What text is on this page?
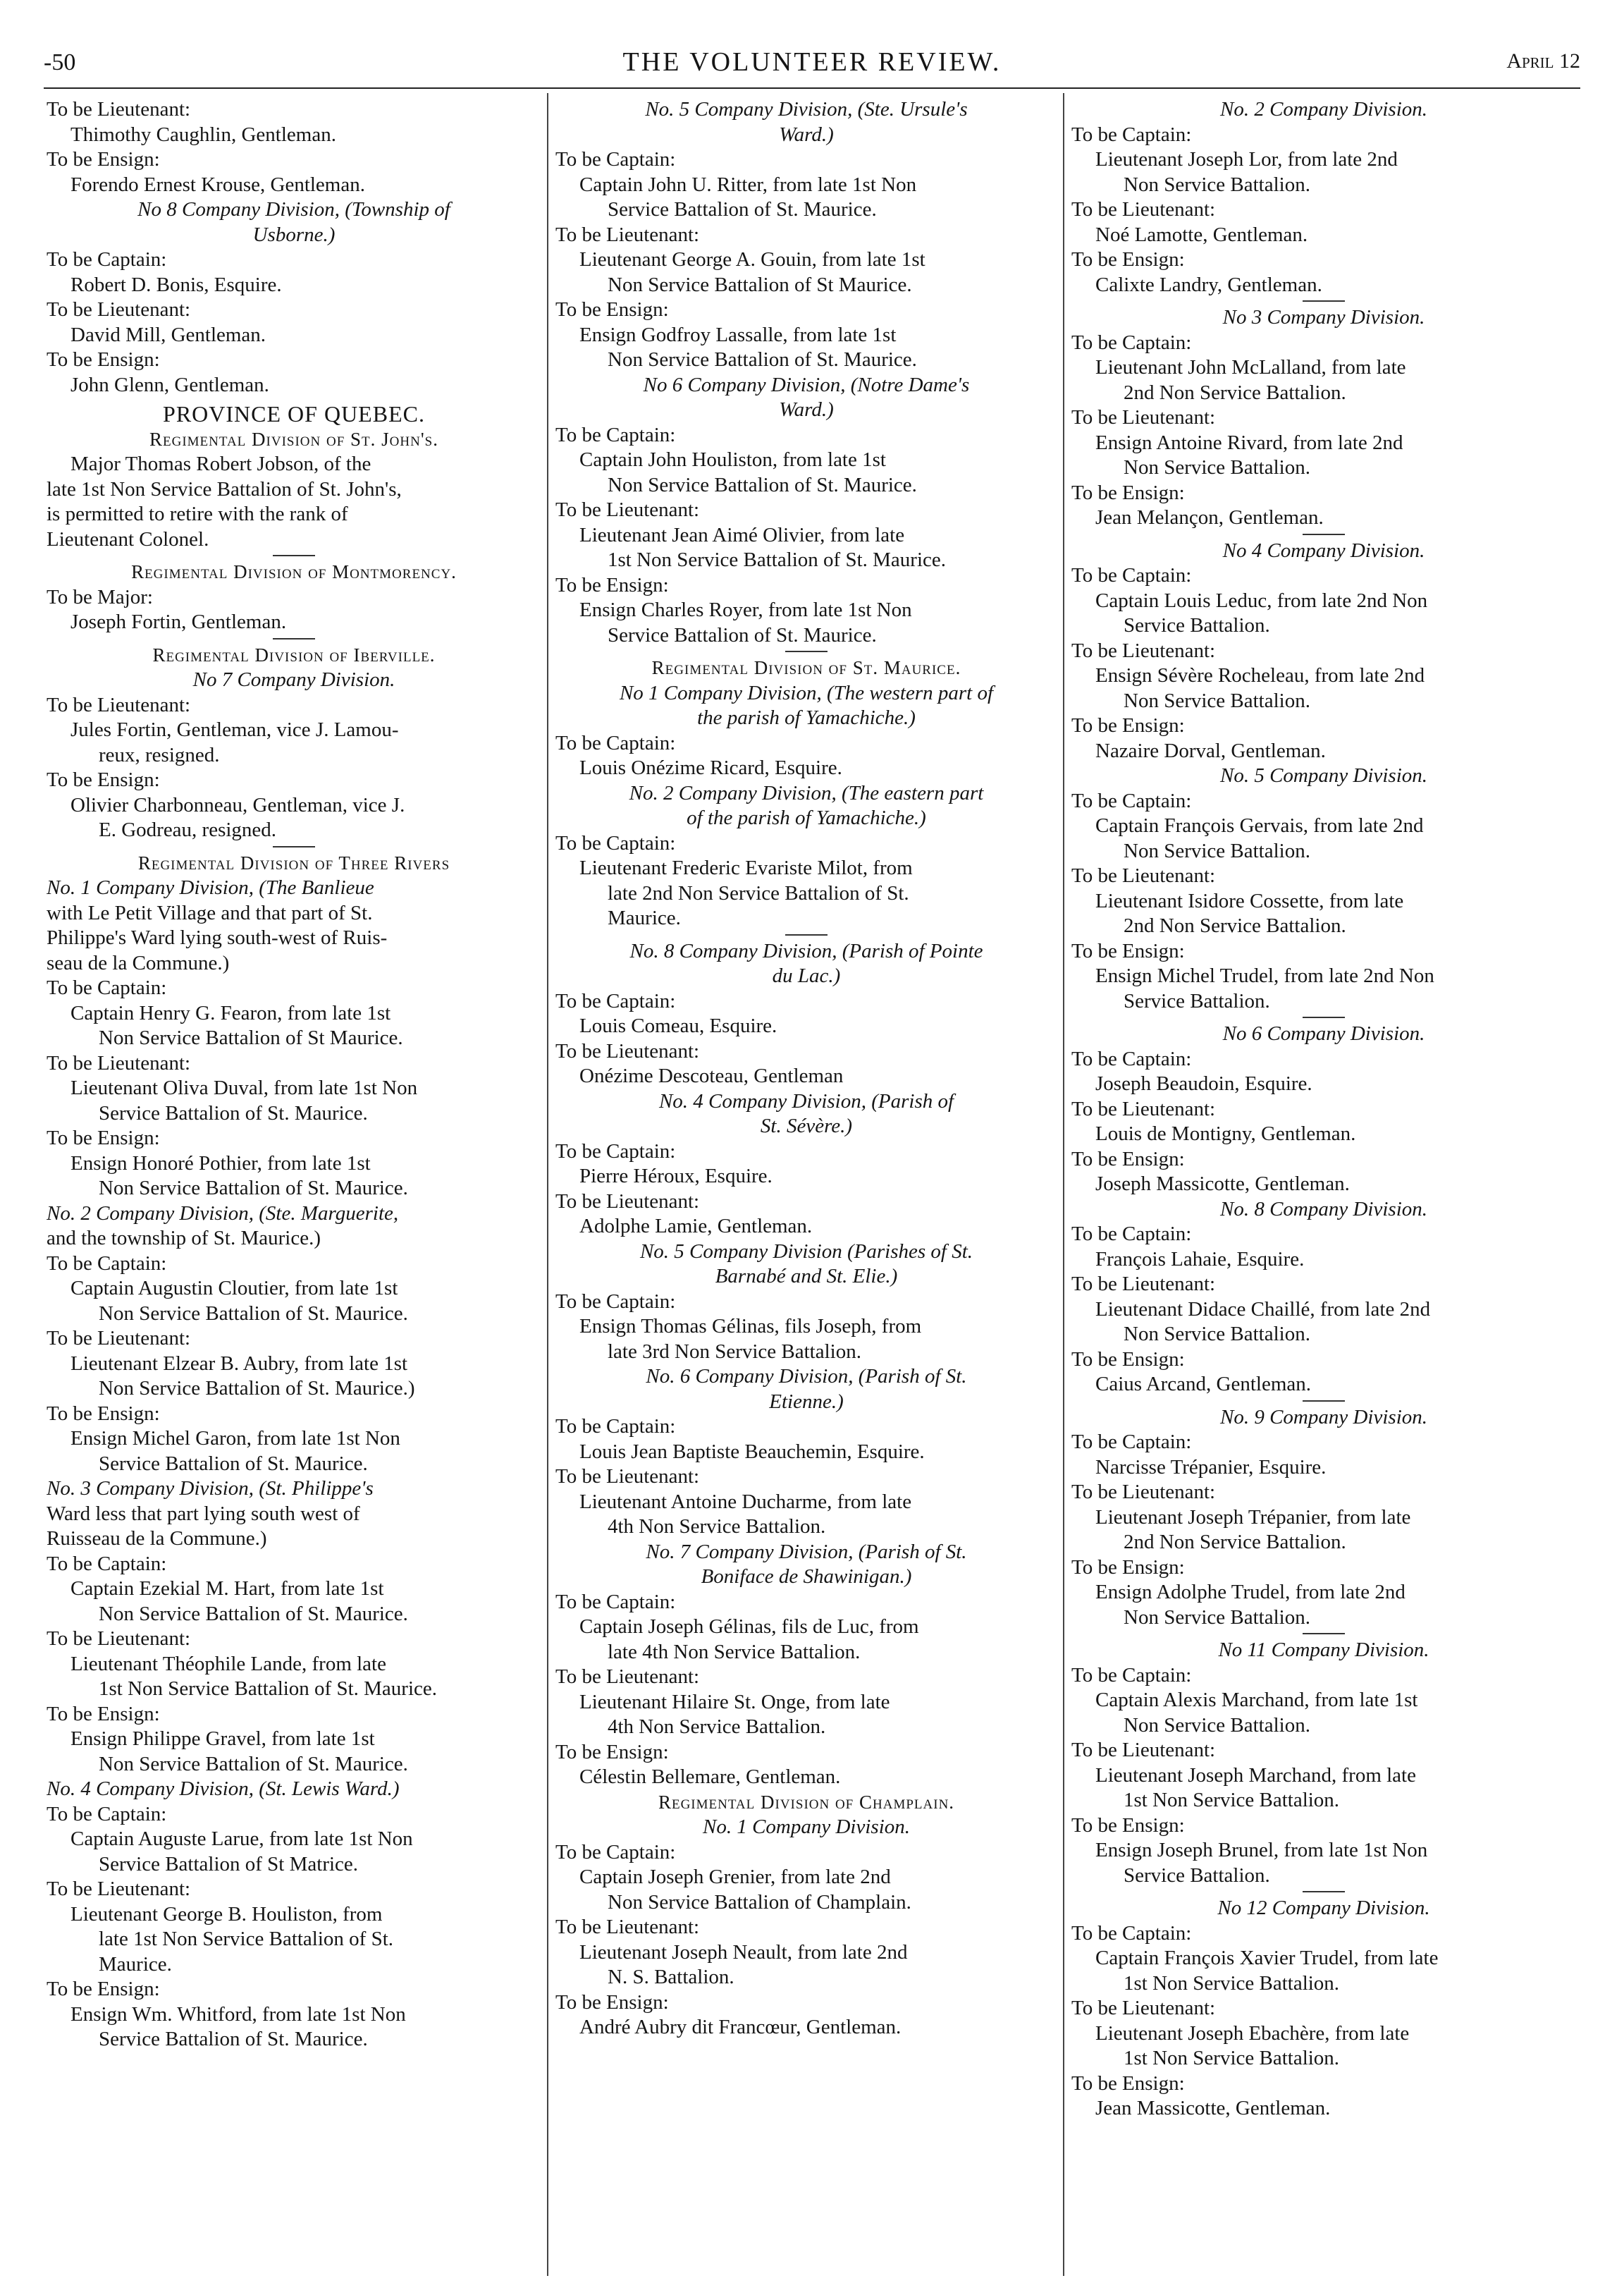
-50	THE VOLUNTEER REVIEW.	April 12
To be Lieutenant:
Thimothy Caughlin, Gentleman.
To be Ensign:
Forendo Ernest Krouse, Gentleman.
No 8 Company Division, (Township of
Usborne.)
To be Captain:
Robert D. Bonis, Esquire.
To be Lieutenant:
David Mill, Gentleman.
To be Ensign:
John Glenn, Gentleman.
PROVINCE OF QUEBEC.
Regimental Division of St. John's.
Major Thomas Robert Jobson, of the
late 1st Non Service Battalion of St. John's,
is permitted to retire with the rank of
Lieutenant Colonel.
Regimental Division of Montmorency.
To be Major:
Joseph Fortin, Gentleman.
Regimental Division of Iberville.
No 7 Company Division.
To be Lieutenant:
Jules Fortin, Gentleman, vice J. Lamou-
reux, resigned.
To be Ensign:
Olivier Charbonneau, Gentleman, vice J.
E. Godreau, resigned.
Regimental Division of Three Rivers
No. 1 Company Division, (The Banlieue
with Le Petit Village and that part of St.
Philippe's Ward lying south-west of Ruis-
seau de la Commune.)
To be Captain:
Captain Henry G. Fearon, from late 1st
Non Service Battalion of St Maurice.
To be Lieutenant:
Lieutenant Oliva Duval, from late 1st Non
Service Battalion of St. Maurice.
To be Ensign:
Ensign Honoré Pothier, from late 1st
Non Service Battalion of St. Maurice.
No. 2 Company Division, (Ste. Marguerite,
and the township of St. Maurice.)
To be Captain:
Captain Augustin Cloutier, from late 1st
Non Service Battalion of St. Maurice.
To be Lieutenant:
Lieutenant Elzear B. Aubry, from late 1st
Non Service Battalion of St. Maurice.)
To be Ensign:
Ensign Michel Garon, from late 1st Non
Service Battalion of St. Maurice.
No. 3 Company Division, (St. Philippe's
Ward less that part lying south west of
Ruisseau de la Commune.)
To be Captain:
Captain Ezekial M. Hart, from late 1st
Non Service Battalion of St. Maurice.
To be Lieutenant:
Lieutenant Théophile Lande, from late
1st Non Service Battalion of St. Maurice.
To be Ensign:
Ensign Philippe Gravel, from late 1st
Non Service Battalion of St. Maurice.
No. 4 Company Division, (St. Lewis Ward.)
To be Captain:
Captain Auguste Larue, from late 1st Non
Service Battalion of St Matrice.
To be Lieutenant:
Lieutenant George B. Houliston, from
late 1st Non Service Battalion of St.
Maurice.
To be Ensign:
Ensign Wm. Whitford, from late 1st Non
Service Battalion of St. Maurice.
No. 5 Company Division, (Ste. Ursule's
Ward.)
To be Captain:
Captain John U. Ritter, from late 1st Non
Service Battalion of St. Maurice.
To be Lieutenant:
Lieutenant George A. Gouin, from late 1st
Non Service Battalion of St Maurice.
To be Ensign:
Ensign Godfroy Lassalle, from late 1st
Non Service Battalion of St. Maurice.
No 6 Company Division, (Notre Dame's
Ward.)
To be Captain:
Captain John Houliston, from late 1st
Non Service Battalion of St. Maurice.
To be Lieutenant:
Lieutenant Jean Aimé Olivier, from late
1st Non Service Battalion of St. Maurice.
To be Ensign:
Ensign Charles Royer, from late 1st Non
Service Battalion of St. Maurice.
Regimental Division of St. Maurice.
No 1 Company Division, (The western part of
the parish of Yamachiche.)
To be Captain:
Louis Onézime Ricard, Esquire.
No. 2 Company Division, (The eastern part
of the parish of Yamachiche.)
To be Captain:
Lieutenant Frederic Evariste Milot, from
late 2nd Non Service Battalion of St.
Maurice.
No. 8 Company Division, (Parish of Pointe
du Lac.)
To be Captain:
Louis Comeau, Esquire.
To be Lieutenant:
Onézime Descoteau, Gentleman
No. 4 Company Division, (Parish of
St. Sévère.)
To be Captain:
Pierre Héroux, Esquire.
To be Lieutenant:
Adolphe Lamie, Gentleman.
No. 5 Company Division (Parishes of St.
Barnabé and St. Elie.)
To be Captain:
Ensign Thomas Gélinas, fils Joseph, from
late 3rd Non Service Battalion.
No. 6 Company Division, (Parish of St.
Etienne.)
To be Captain:
Louis Jean Baptiste Beauchemin, Esquire.
To be Lieutenant:
Lieutenant Antoine Ducharme, from late
4th Non Service Battalion.
No. 7 Company Division, (Parish of St.
Boniface de Shawinigan.)
To be Captain:
Captain Joseph Gélinas, fils de Luc, from
late 4th Non Service Battalion.
To be Lieutenant:
Lieutenant Hilaire St. Onge, from late
4th Non Service Battalion.
To be Ensign:
Célestin Bellemare, Gentleman.
Regimental Division of Champlain.
No. 1 Company Division.
To be Captain:
Captain Joseph Grenier, from late 2nd
Non Service Battalion of Champlain.
To be Lieutenant:
Lieutenant Joseph Neault, from late 2nd
N. S. Battalion.
To be Ensign:
André Aubry dit Francœur, Gentleman.
No. 2 Company Division.
To be Captain:
Lieutenant Joseph Lor, from late 2nd
Non Service Battalion.
To be Lieutenant:
Noé Lamotte, Gentleman.
To be Ensign:
Calixte Landry, Gentleman.
No 3 Company Division.
To be Captain:
Lieutenant John McLalland, from late
2nd Non Service Battalion.
To be Lieutenant:
Ensign Antoine Rivard, from late 2nd
Non Service Battalion.
To be Ensign:
Jean Melançon, Gentleman.
No 4 Company Division.
To be Captain:
Captain Louis Leduc, from late 2nd Non
Service Battalion.
To be Lieutenant:
Ensign Sévère Rocheleau, from late 2nd
Non Service Battalion.
To be Ensign:
Nazaire Dorval, Gentleman.
No. 5 Company Division.
To be Captain:
Captain François Gervais, from late 2nd
Non Service Battalion.
To be Lieutenant:
Lieutenant Isidore Cossette, from late
2nd Non Service Battalion.
To be Ensign:
Ensign Michel Trudel, from late 2nd Non
Service Battalion.
No 6 Company Division.
To be Captain:
Joseph Beaudoin, Esquire.
To be Lieutenant:
Louis de Montigny, Gentleman.
To be Ensign:
Joseph Massicotte, Gentleman.
No. 8 Company Division.
To be Captain:
François Lahaie, Esquire.
To be Lieutenant:
Lieutenant Didace Chaillé, from late 2nd
Non Service Battalion.
To be Ensign:
Caius Arcand, Gentleman.
No. 9 Company Division.
To be Captain:
Narcisse Trépanier, Esquire.
To be Lieutenant:
Lieutenant Joseph Trépanier, from late
2nd Non Service Battalion.
To be Ensign:
Ensign Adolphe Trudel, from late 2nd
Non Service Battalion.
No 11 Company Division.
To be Captain:
Captain Alexis Marchand, from late 1st
Non Service Battalion.
To be Lieutenant:
Lieutenant Joseph Marchand, from late
1st Non Service Battalion.
To be Ensign:
Ensign Joseph Brunel, from late 1st Non
Service Battalion.
No 12 Company Division.
To be Captain:
Captain François Xavier Trudel, from late
1st Non Service Battalion.
To be Lieutenant:
Lieutenant Joseph Ebachère, from late
1st Non Service Battalion.
To be Ensign:
Jean Massicotte, Gentleman.
